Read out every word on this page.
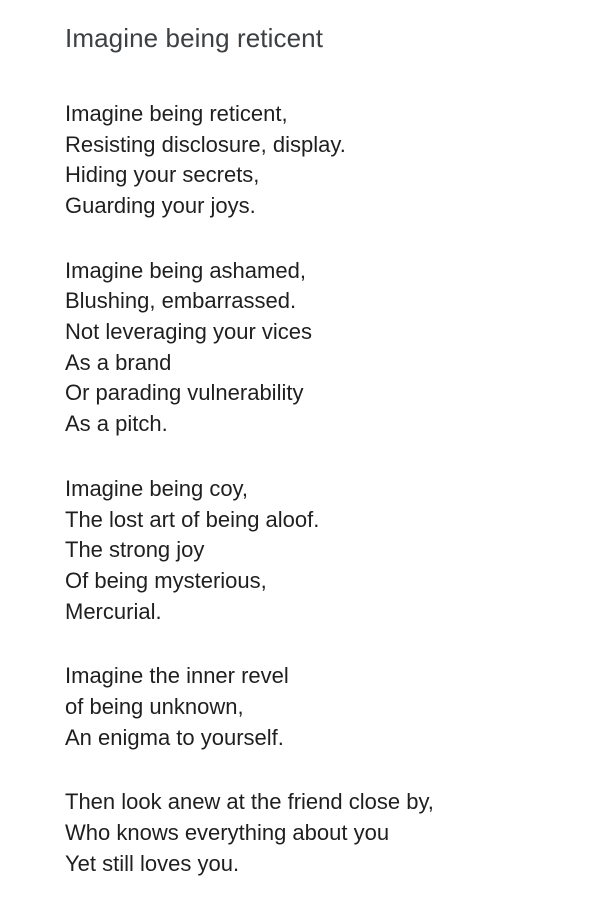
Imagine being reticent

Imagine being reticent,
Resisting disclosure, display.
Hiding your secrets,
Guarding your joys.

Imagine being ashamed,
Blushing, embarrassed.
Not leveraging your vices
As a brand
Or parading vulnerability
As a pitch.

Imagine being coy,
The lost art of being aloof.
The strong joy
Of being mysterious,
Mercurial.

Imagine the inner revel
of being unknown,
An enigma to yourself.

Then look anew at the friend close by,
Who knows everything about you
Yet still loves you.
